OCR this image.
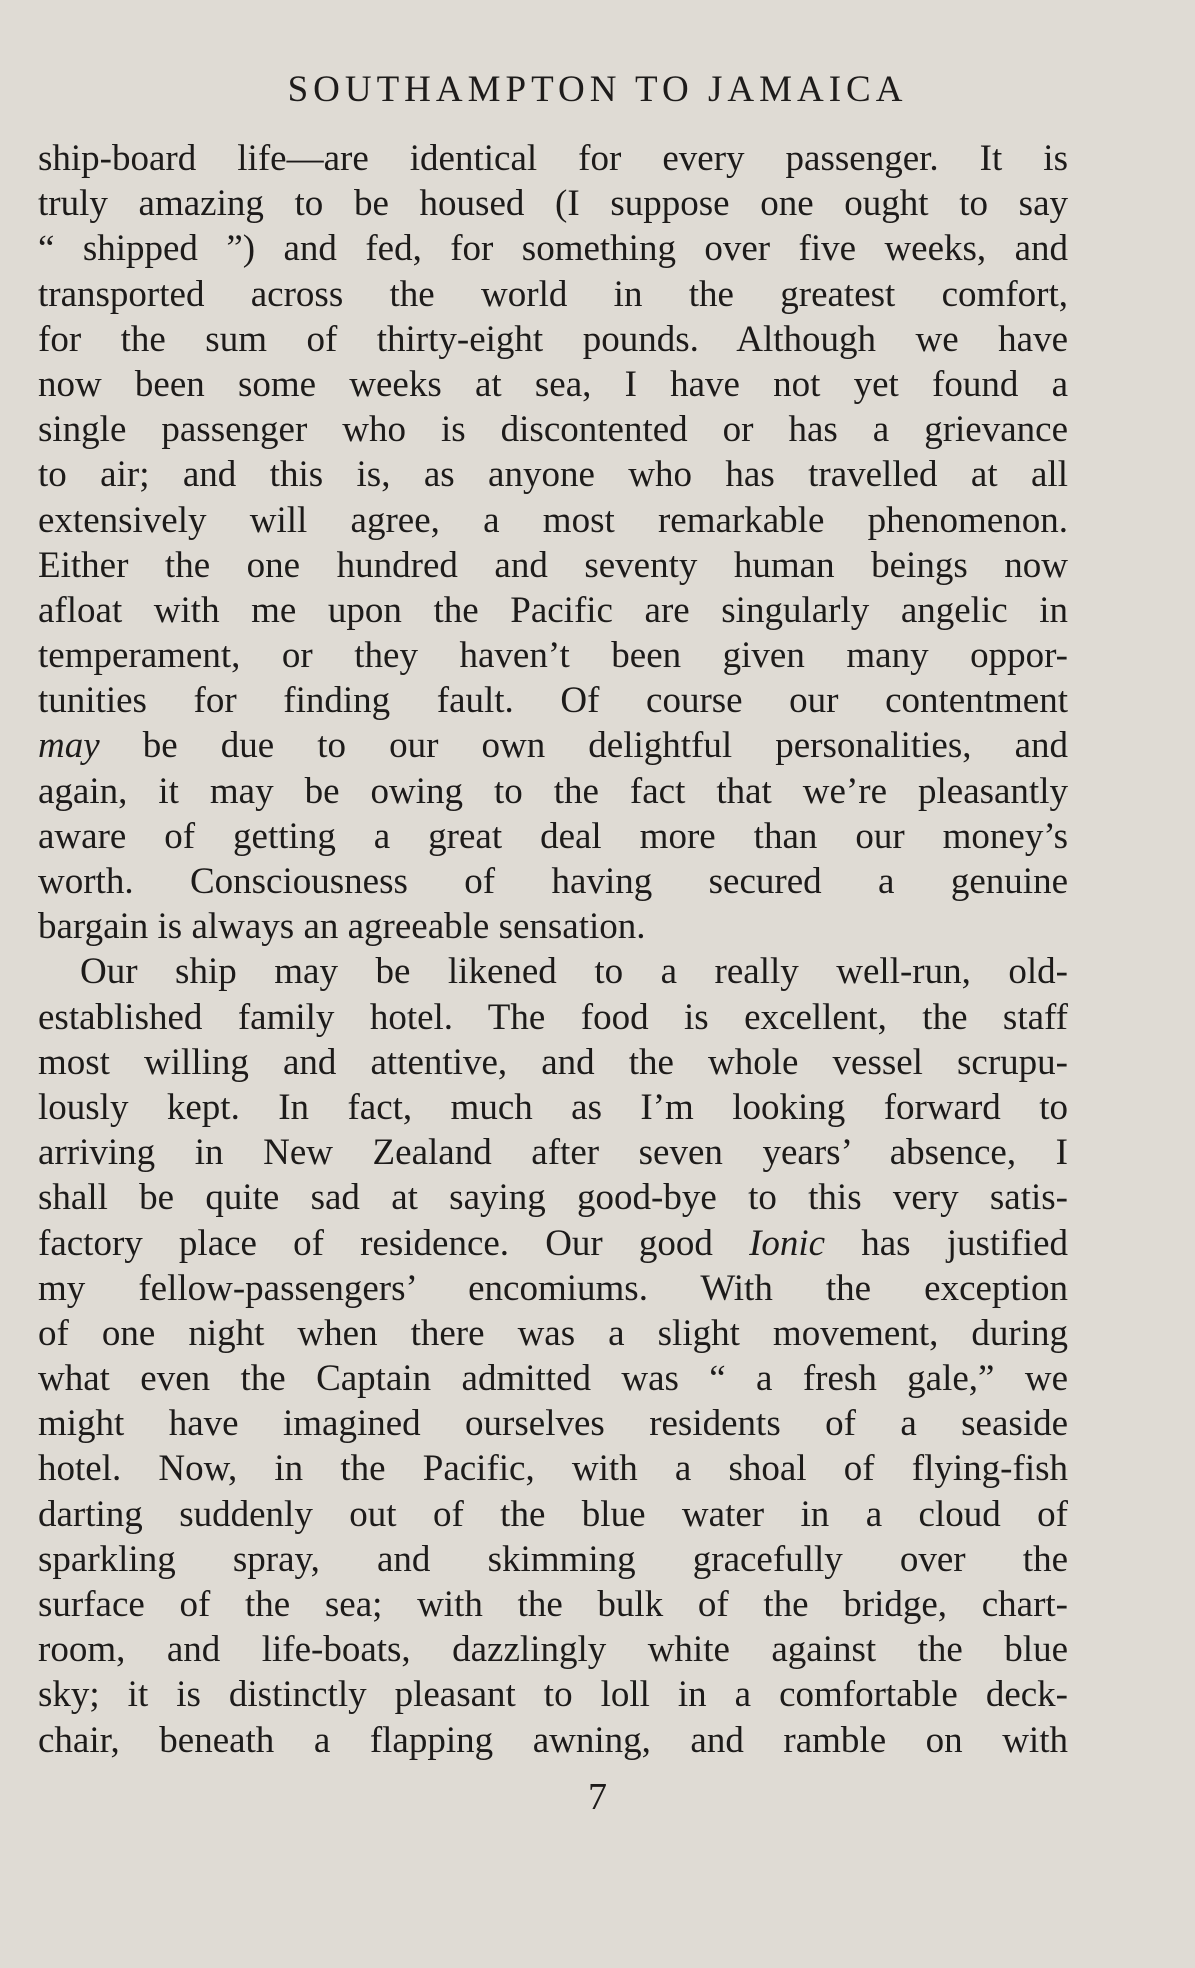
SOUTHAMPTON TO JAMAICA
ship-board life—are identical for every passenger. It is
truly amazing to be housed (I suppose one ought to say
“ shipped ”) and fed, for something over five weeks, and
transported across the world in the greatest comfort,
for the sum of thirty-eight pounds. Although we have
now been some weeks at sea, I have not yet found a
single passenger who is discontented or has a grievance
to air; and this is, as anyone who has travelled at all
extensively will agree, a most remarkable phenomenon.
Either the one hundred and seventy human beings now
afloat with me upon the Pacific are singularly angelic in
temperament, or they haven’t been given many oppor-
tunities for finding fault. Of course our contentment
may be due to our own delightful personalities, and
again, it may be owing to the fact that we’re pleasantly
aware of getting a great deal more than our money’s
worth. Consciousness of having secured a genuine
bargain is always an agreeable sensation.
Our ship may be likened to a really well-run, old-
established family hotel. The food is excellent, the staff
most willing and attentive, and the whole vessel scrupu-
lously kept. In fact, much as I’m looking forward to
arriving in New Zealand after seven years’ absence, I
shall be quite sad at saying good-bye to this very satis-
factory place of residence. Our good Ionic has justified
my fellow-passengers’ encomiums. With the exception
of one night when there was a slight movement, during
what even the Captain admitted was “ a fresh gale,” we
might have imagined ourselves residents of a seaside
hotel. Now, in the Pacific, with a shoal of flying-fish
darting suddenly out of the blue water in a cloud of
sparkling spray, and skimming gracefully over the
surface of the sea; with the bulk of the bridge, chart-
room, and life-boats, dazzlingly white against the blue
sky; it is distinctly pleasant to loll in a comfortable deck-
chair, beneath a flapping awning, and ramble on with
7
